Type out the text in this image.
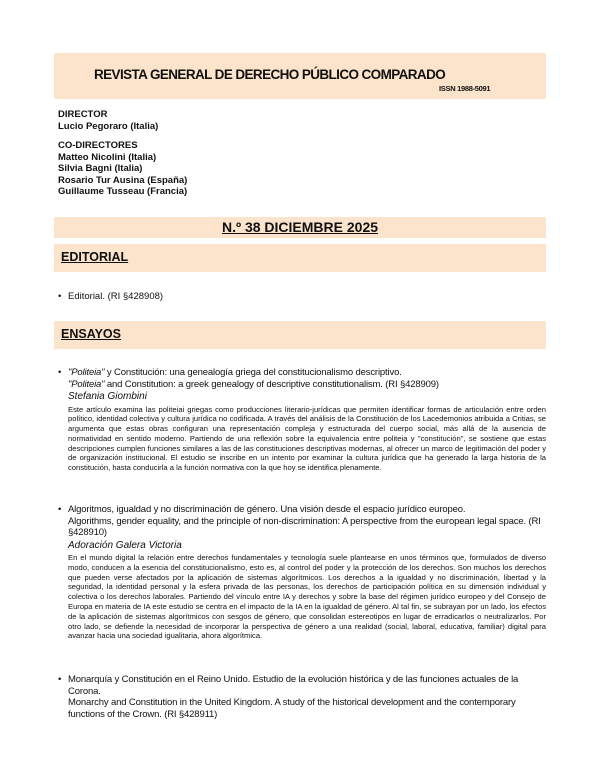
REVISTA GENERAL DE DERECHO PÚBLICO COMPARADO
ISSN 1988-5091
DIRECTOR
Lucio Pegoraro (Italia)
CO-DIRECTORES
Matteo Nicolini (Italia)
Silvia Bagni (Italia)
Rosario Tur Ausina (España)
Guillaume Tusseau (Francia)
N.º 38 DICIEMBRE 2025
EDITORIAL
• Editorial. (RI §428908)
ENSAYOS
• "Politeia" y Constitución: una genealogía griega del constitucionalismo descriptivo.
"Politeia" and Constitution: a greek genealogy of descriptive constitutionalism. (RI §428909)
Stefania Giombini
Este artículo examina las politeiai griegas como producciones literario-jurídicas que permiten identificar formas de articulación entre orden político, identidad colectiva y cultura jurídica no codificada. A través del análisis de la Constitución de los Lacedemonios atribuida a Critias, se argumenta que estas obras configuran una representación compleja y estructurada del cuerpo social, más allá de la ausencia de normatividad en sentido moderno. Partiendo de una reflexión sobre la equivalencia entre politeia y "constitución", se sostiene que estas descripciones cumplen funciones similares a las de las constituciones descriptivas modernas, al ofrecer un marco de legitimación del poder y de organización institucional. El estudio se inscribe en un intento por examinar la cultura jurídica que ha generado la larga historia de la constitución, hasta conducirla a la función normativa con la que hoy se identifica plenamente.
• Algoritmos, igualdad y no discriminación de género. Una visión desde el espacio jurídico europeo.
Algorithms, gender equality, and the principle of non-discrimination: A perspective from the european legal space. (RI §428910)
Adoración Galera Victoria
En el mundo digital la relación entre derechos fundamentales y tecnología suele plantearse en unos términos que, formulados de diverso modo, conducen a la esencia del constitucionalismo, esto es, al control del poder y la protección de los derechos. Son muchos los derechos que pueden verse afectados por la aplicación de sistemas algorítmicos. Los derechos a la igualdad y no discriminación, libertad y la seguridad, la identidad personal y la esfera privada de las personas, los derechos de participación política en su dimensión individual y colectiva o los derechos laborales. Partiendo del vínculo entre IA y derechos y sobre la base del régimen jurídico europeo y del Consejo de Europa en materia de IA este estudio se centra en el impacto de la IA en la igualdad de género. Al tal fin, se subrayan por un lado, los efectos de la aplicación de sistemas algorítmicos con sesgos de género, que consolidan estereotipos en lugar de erradicarlos o neutralizarlos. Por otro lado, se defiende la necesidad de incorporar la perspectiva de género a una realidad (social, laboral, educativa, familiar) digital para avanzar hacia una sociedad igualitaria, ahora algorítmica.
• Monarquía y Constitución en el Reino Unido. Estudio de la evolución histórica y de las funciones actuales de la Corona.
Monarchy and Constitution in the United Kingdom. A study of the historical development and the contemporary functions of the Crown. (RI §428911)
